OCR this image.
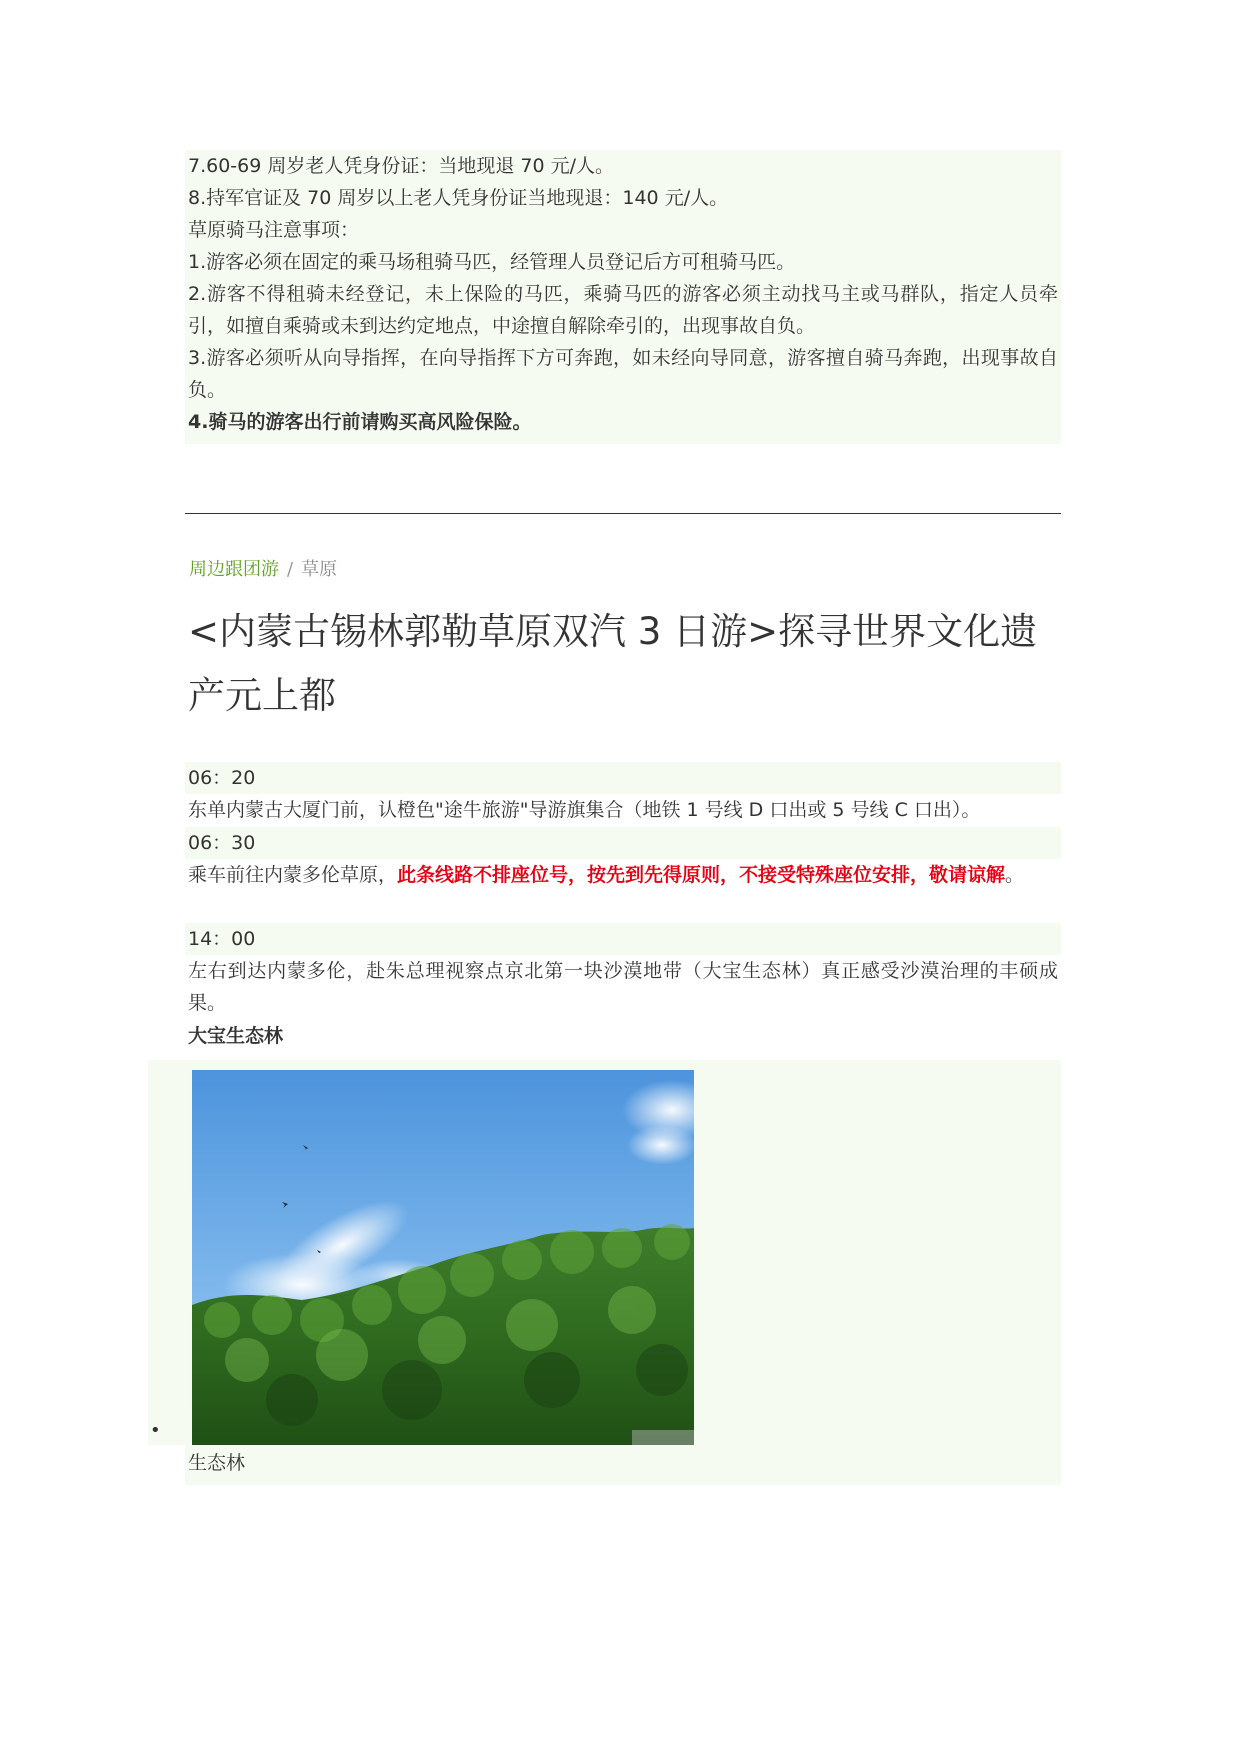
7.60-69 周岁老人凭身份证：当地现退 70 元/人。
8.持军官证及 70 周岁以上老人凭身份证当地现退：140 元/人。
草原骑马注意事项：
1.游客必须在固定的乘马场租骑马匹，经管理人员登记后方可租骑马匹。
2.游客不得租骑未经登记，未上保险的马匹，乘骑马匹的游客必须主动找马主或马群队，指定人员牵引，如擅自乘骑或未到达约定地点，中途擅自解除牵引的，出现事故自负。
3.游客必须听从向导指挥，在向导指挥下方可奔跑，如未经向导同意，游客擅自骑马奔跑，出现事故自负。
4.骑马的游客出行前请购买高风险保险。
周边跟团游 / 草原
<内蒙古锡林郭勒草原双汽 3 日游>探寻世界文化遗产元上都
06：20
东单内蒙古大厦门前，认橙色"途牛旅游"导游旗集合（地铁 1 号线 D 口出或 5 号线 C 口出）。
06：30
乘车前往内蒙多伦草原，此条线路不排座位号，按先到先得原则，不接受特殊座位安排，敬请谅解。
14：00
左右到达内蒙多伦，赴朱总理视察点京北第一块沙漠地带（大宝生态林）真正感受沙漠治理的丰硕成果。
大宝生态林
•
生态林
